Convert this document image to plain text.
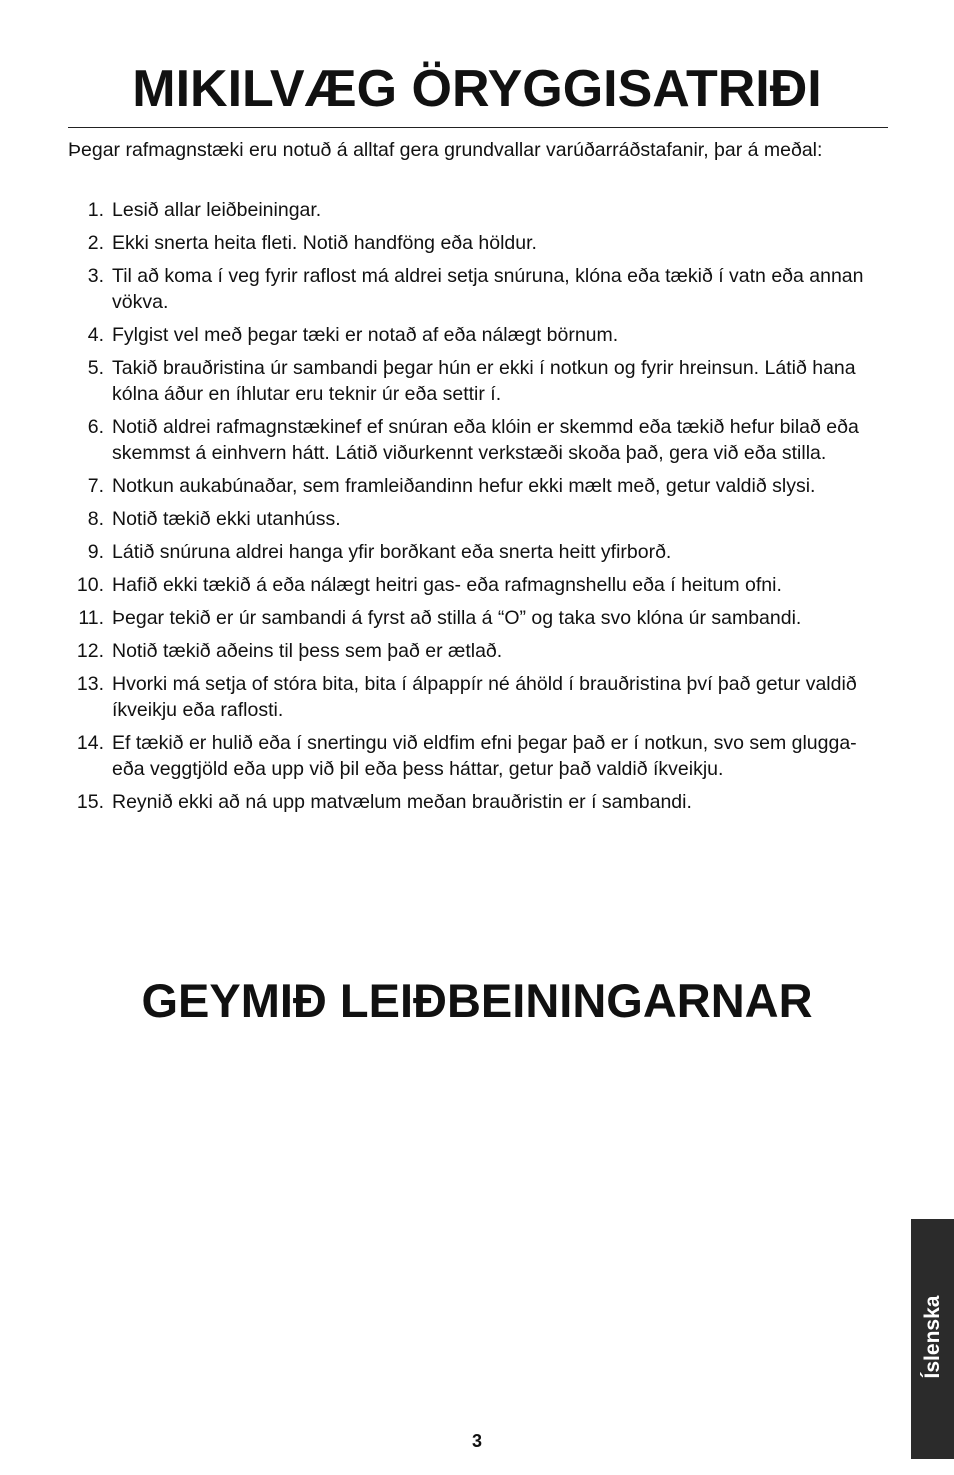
MIKILVÆG ÖRYGGISATRIÐI

Þegar rafmagnstæki eru notuð á alltaf gera grundvallar varúðarráðstafanir, þar á meðal:

1. Lesið allar leiðbeiningar.
2. Ekki snerta heita fleti. Notið handföng eða höldur.
3. Til að koma í veg fyrir raflost má aldrei setja snúruna, klóna eða tækið í vatn eða annan vökva.
4. Fylgist vel með þegar tæki er notað af eða nálægt börnum.
5. Takið brauðristina úr sambandi þegar hún er ekki í notkun og fyrir hreinsun. Látið hana kólna áður en íhlutar eru teknir úr eða settir í.
6. Notið aldrei rafmagnstækinef ef snúran eða klóin er skemmd eða tækið hefur bilað eða skemmst á einhvern hátt. Látið viðurkennt verkstæði skoða það, gera við eða stilla.
7. Notkun aukabúnaðar, sem framleiðandinn hefur ekki mælt með, getur valdið slysi.
8. Notið tækið ekki utanhúss.
9. Látið snúruna aldrei hanga yfir borðkant eða snerta heitt yfirborð.
10. Hafið ekki tækið á eða nálægt heitri gas- eða rafmagnshellu eða í heitum ofni.
11. Þegar tekið er úr sambandi á fyrst að stilla á “O” og taka svo klóna úr sambandi.
12. Notið tækið aðeins til þess sem það er ætlað.
13. Hvorki má setja of stóra bita, bita í álpappír né áhöld í brauðristina því það getur valdið íkveikju eða raflosti.
14. Ef tækið er hulið eða í snertingu við eldfim efni þegar það er í notkun, svo sem glugga- eða veggtjöld eða upp við þil eða þess háttar, getur það valdið íkveikju.
15. Reynið ekki að ná upp matvælum meðan brauðristin er í sambandi.
GEYMIÐ LEIÐBEININGARNAR
Íslenska
3
